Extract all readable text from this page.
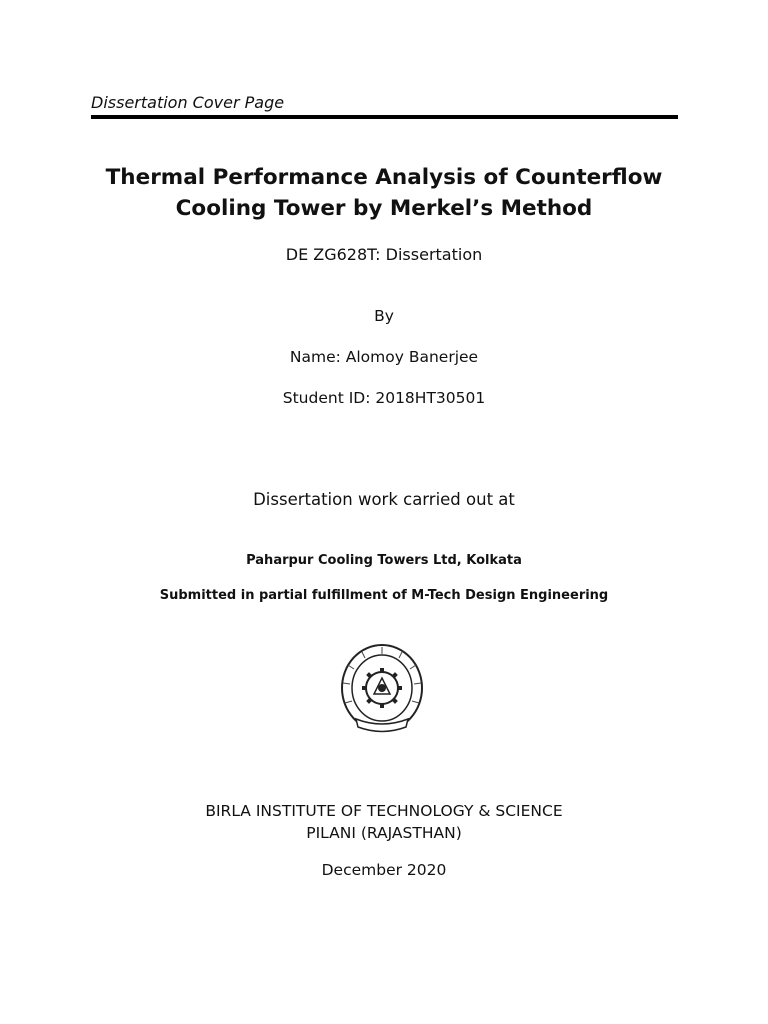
Dissertation Cover Page
Thermal Performance Analysis of Counterflow
Cooling Tower by Merkel’s Method
DE ZG628T: Dissertation
By
Name: Alomoy Banerjee
Student ID: 2018HT30501
Dissertation work carried out at
Paharpur Cooling Towers Ltd, Kolkata
Submitted in partial fulfillment of M-Tech Design Engineering
BIRLA INSTITUTE OF TECHNOLOGY & SCIENCE
PILANI (RAJASTHAN)
December 2020
